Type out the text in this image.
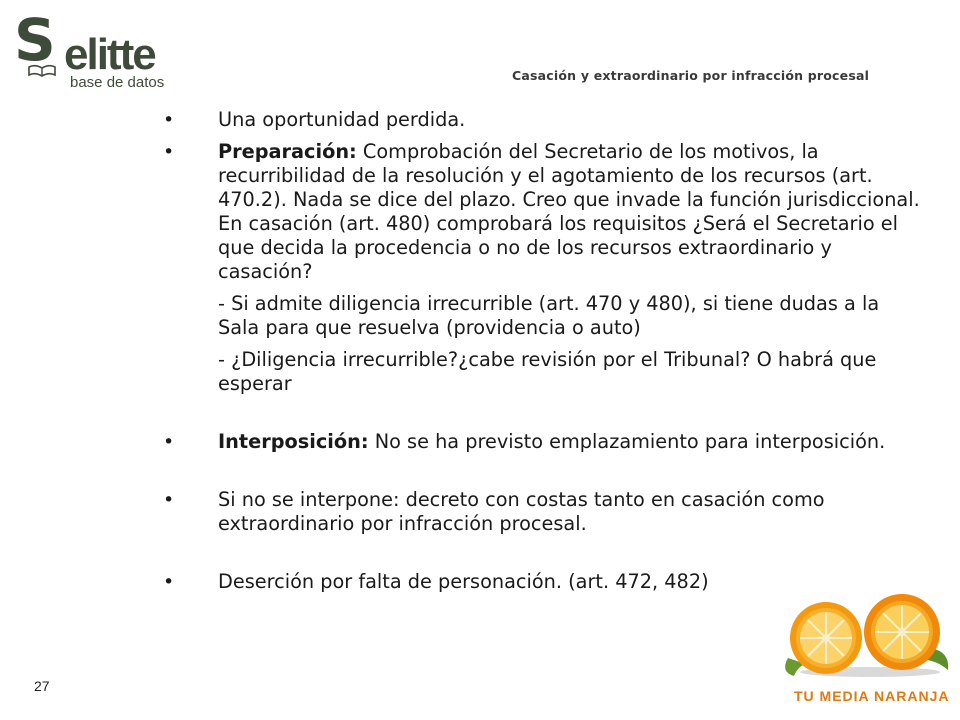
S elitte
base de datos	Casación y extraordinario por infracción procesal

• Una oportunidad perdida.

• Preparación: Comprobación del Secretario de los motivos, la recurribilidad de la resolución y el agotamiento de los recursos (art. 470.2). Nada se dice del plazo. Creo que invade la función jurisdiccional. En casación (art. 480) comprobará los requisitos ¿Será el Secretario el que decida la procedencia o no de los recursos extraordinario y casación?

- Si admite diligencia irrecurrible (art. 470 y 480), si tiene dudas a la Sala para que resuelva (providencia o auto)

- ¿Diligencia irrecurrible?¿cabe revisión por el Tribunal? O habrá que esperar

• Interposición: No se ha previsto emplazamiento para interposición.

• Si no se interpone: decreto con costas tanto en casación como extraordinario por infracción procesal.

• Deserción por falta de personación. (art. 472, 482)

27
TU MEDIA NARANJA
